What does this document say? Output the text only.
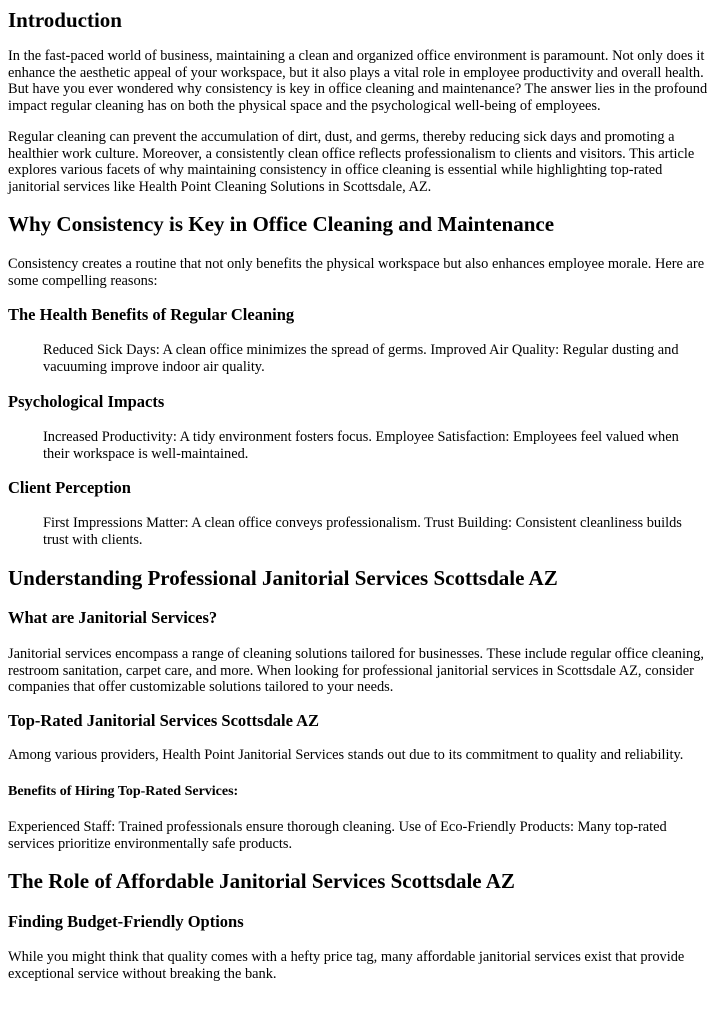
Introduction

In the fast-paced world of business, maintaining a clean and organized office environment is paramount. Not only does it enhance the aesthetic appeal of your workspace, but it also plays a vital role in employee productivity and overall health. But have you ever wondered why consistency is key in office cleaning and maintenance? The answer lies in the profound impact regular cleaning has on both the physical space and the psychological well-being of employees.

Regular cleaning can prevent the accumulation of dirt, dust, and germs, thereby reducing sick days and promoting a healthier work culture. Moreover, a consistently clean office reflects professionalism to clients and visitors. This article explores various facets of why maintaining consistency in office cleaning is essential while highlighting top-rated janitorial services like Health Point Cleaning Solutions in Scottsdale, AZ.

Why Consistency is Key in Office Cleaning and Maintenance

Consistency creates a routine that not only benefits the physical workspace but also enhances employee morale. Here are some compelling reasons:

The Health Benefits of Regular Cleaning
Reduced Sick Days: A clean office minimizes the spread of germs. Improved Air Quality: Regular dusting and vacuuming improve indoor air quality.
Psychological Impacts
Increased Productivity: A tidy environment fosters focus. Employee Satisfaction: Employees feel valued when their workspace is well-maintained.
Client Perception
First Impressions Matter: A clean office conveys professionalism. Trust Building: Consistent cleanliness builds trust with clients.
Understanding Professional Janitorial Services Scottsdale AZ
What are Janitorial Services?

Janitorial services encompass a range of cleaning solutions tailored for businesses. These include regular office cleaning, restroom sanitation, carpet care, and more. When looking for professional janitorial services in Scottsdale AZ, consider companies that offer customizable solutions tailored to your needs.

Top-Rated Janitorial Services Scottsdale AZ

Among various providers, Health Point Janitorial Services stands out due to its commitment to quality and reliability.

Benefits of Hiring Top-Rated Services:

Experienced Staff: Trained professionals ensure thorough cleaning. Use of Eco-Friendly Products: Many top-rated services prioritize environmentally safe products.

The Role of Affordable Janitorial Services Scottsdale AZ
Finding Budget-Friendly Options

While you might think that quality comes with a hefty price tag, many affordable janitorial services exist that provide exceptional service without breaking the bank.
